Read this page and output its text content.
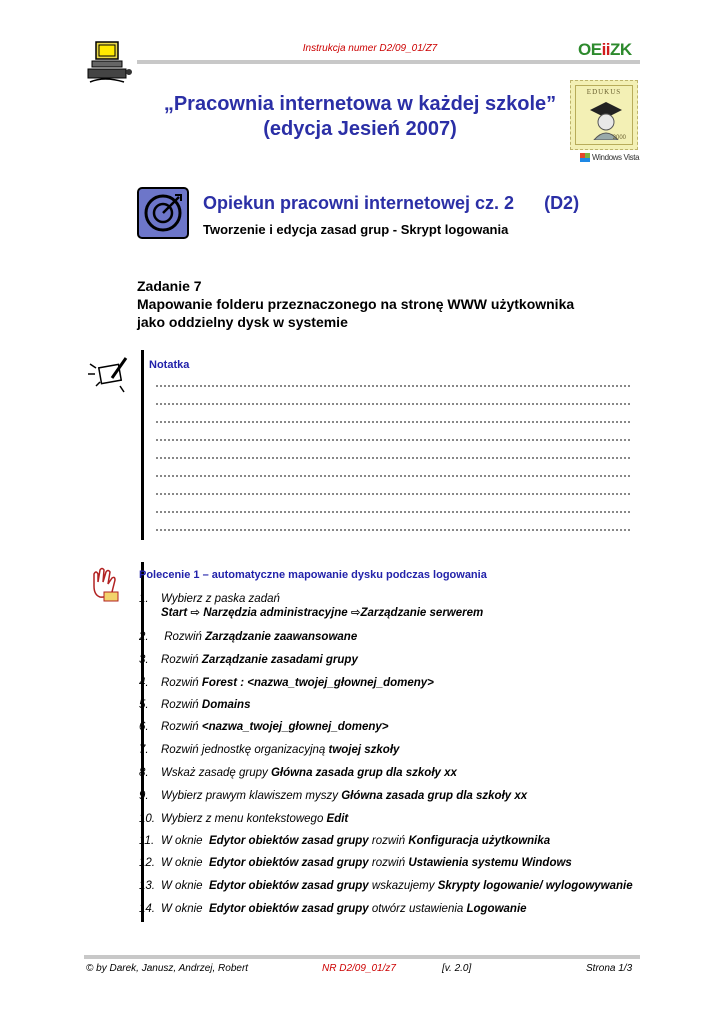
Instrukcja numer D2/09_01/Z7	OEiiZK
„Pracownia internetowa w każdej szkole”
(edycja Jesień 2007)
EDUKUS
2000
Windows Vista
Opiekun pracowni internetowej cz. 2      (D2)
Tworzenie i edycja zasad grup - Skrypt logowania
Zadanie 7
Mapowanie folderu przeznaczonego na stronę WWW użytkownika
jako oddzielny dysk w systemie
Notatka
Polecenie 1 – automatyczne mapowanie dysku podczas logowania
1. Wybierz z paska zadań
Start ⇨ Narzędzia administracyjne ⇨Zarządzanie serwerem
2. Rozwiń Zarządzanie zaawansowane
3. Rozwiń Zarządzanie zasadami grupy
4. Rozwiń Forest : <nazwa_twojej_głownej_domeny>
5. Rozwiń Domains
6. Rozwiń <nazwa_twojej_głownej_domeny>
7. Rozwiń jednostkę organizacyjną twojej szkoły
8. Wskaż zasadę grupy Główna zasada grup dla szkoły xx
9. Wybierz prawym klawiszem myszy Główna zasada grup dla szkoły xx
10. Wybierz z menu kontekstowego Edit
11. W oknie  Edytor obiektów zasad grupy rozwiń Konfiguracja użytkownika
12. W oknie  Edytor obiektów zasad grupy rozwiń Ustawienia systemu Windows
13. W oknie  Edytor obiektów zasad grupy wskazujemy Skrypty logowanie/ wylogowywanie
14. W oknie  Edytor obiektów zasad grupy otwórz ustawienia Logowanie
© by Darek, Janusz, Andrzej, Robert	NR D2/09_01/z7	[v. 2.0]	Strona 1/3
